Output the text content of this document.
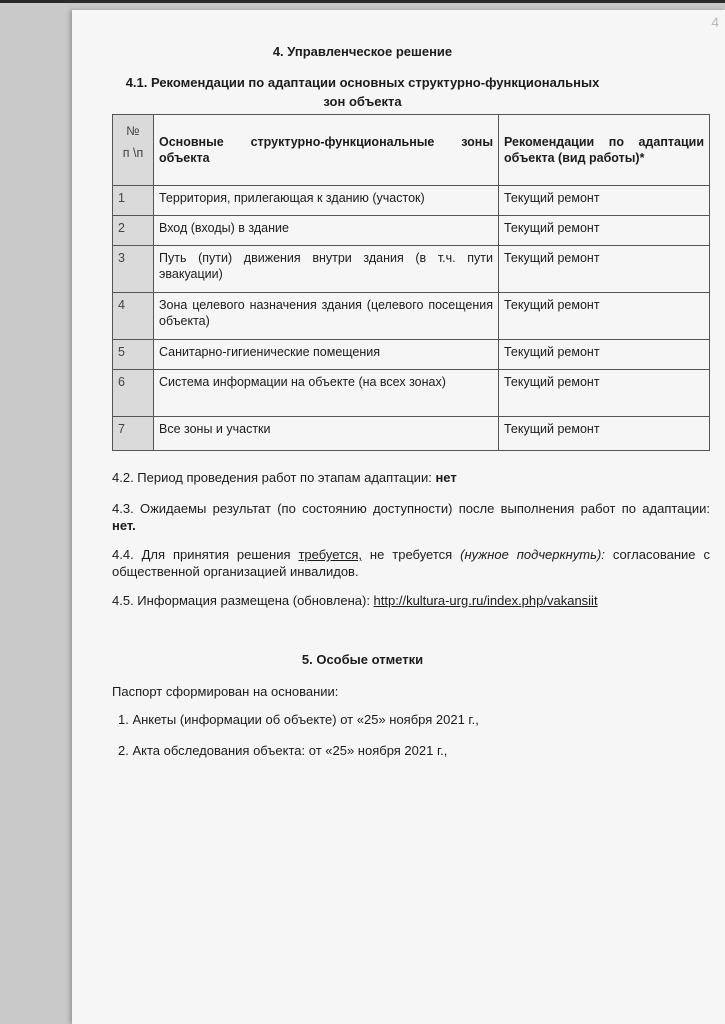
4
4. Управленческое решение
4.1. Рекомендации по адаптации основных структурно-функциональных
зон объекта
№
п \п	Основные структурно-функциональные зоны объекта	Рекомендации по адаптации объекта (вид работы)*
1	Территория, прилегающая к зданию (участок)	Текущий ремонт
2	Вход (входы) в здание	Текущий ремонт
3	Путь (пути) движения внутри здания (в т.ч. пути эвакуации)	Текущий ремонт
4	Зона целевого назначения здания (целевого посещения объекта)	Текущий ремонт
5	Санитарно-гигиенические помещения	Текущий ремонт
6	Система информации на объекте (на всех зонах)	Текущий ремонт
7	Все зоны и участки	Текущий ремонт
4.2. Период проведения работ по этапам адаптации: нет
4.3. Ожидаемы результат (по состоянию доступности) после выполнения работ по адаптации: нет.
4.4. Для принятия решения требуется, не требуется (нужное подчеркнуть): согласование с общественной организацией инвалидов.
4.5. Информация размещена (обновлена): http://kultura-urg.ru/index.php/vakansiit
5. Особые отметки
Паспорт сформирован на основании:
1. Анкеты (информации об объекте) от «25» ноября 2021 г.,
2. Акта обследования объекта: от «25» ноября 2021 г.,
